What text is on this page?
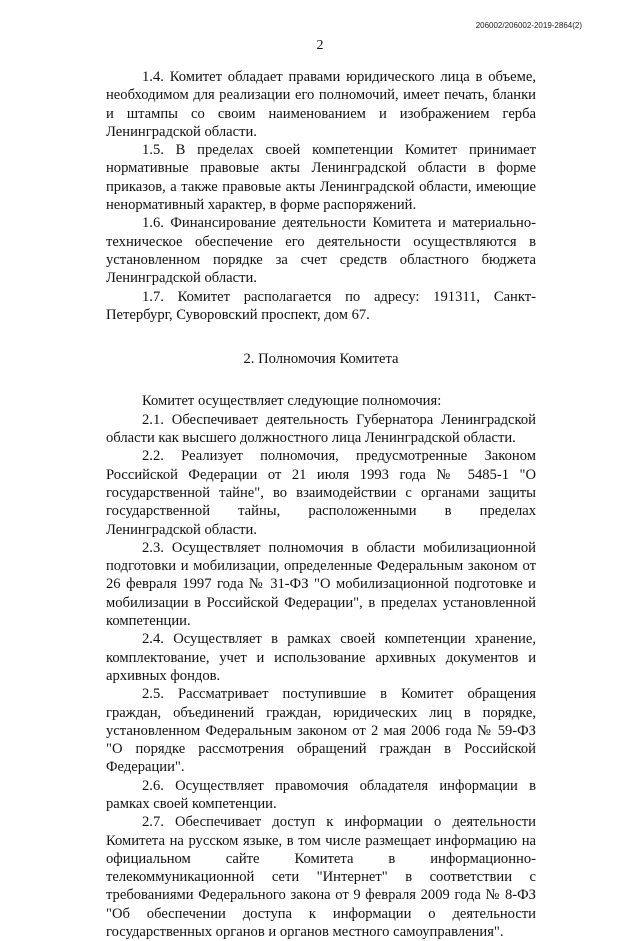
206002/206002-2019-2864(2)
2

1.4. Комитет обладает правами юридического лица в объеме, необходимом для реализации его полномочий, имеет печать, бланки и штампы со своим наименованием и изображением герба Ленинградской области.

1.5. В пределах своей компетенции Комитет принимает нормативные правовые акты Ленинградской области в форме приказов, а также правовые акты Ленинградской области, имеющие ненормативный характер, в форме распоряжений.

1.6. Финансирование деятельности Комитета и материально-техническое обеспечение его деятельности осуществляются в установленном порядке за счет средств областного бюджета Ленинградской области.

1.7. Комитет располагается по адресу: 191311, Санкт-Петербург, Суворовский проспект, дом 67.

2. Полномочия Комитета

Комитет осуществляет следующие полномочия:

2.1. Обеспечивает деятельность Губернатора Ленинградской области как высшего должностного лица Ленинградской области.

2.2. Реализует полномочия, предусмотренные Законом Российской Федерации от 21 июля 1993 года № 5485-1 "О государственной тайне", во взаимодействии с органами защиты государственной тайны, расположенными в пределах Ленинградской области.

2.3. Осуществляет полномочия в области мобилизационной подготовки и мобилизации, определенные Федеральным законом от 26 февраля 1997 года № 31-ФЗ "О мобилизационной подготовке и мобилизации в Российской Федерации", в пределах установленной компетенции.

2.4. Осуществляет в рамках своей компетенции хранение, комплектование, учет и использование архивных документов и архивных фондов.

2.5. Рассматривает поступившие в Комитет обращения граждан, объединений граждан, юридических лиц в порядке, установленном Федеральным законом от 2 мая 2006 года № 59-ФЗ "О порядке рассмотрения обращений граждан в Российской Федерации".

2.6. Осуществляет правомочия обладателя информации в рамках своей компетенции.

2.7. Обеспечивает доступ к информации о деятельности Комитета на русском языке, в том числе размещает информацию на официальном сайте Комитета в информационно-телекоммуникационной сети "Интернет" в соответствии с требованиями Федерального закона от 9 февраля 2009 года № 8-ФЗ "Об обеспечении доступа к информации о деятельности государственных органов и органов местного самоуправления".
